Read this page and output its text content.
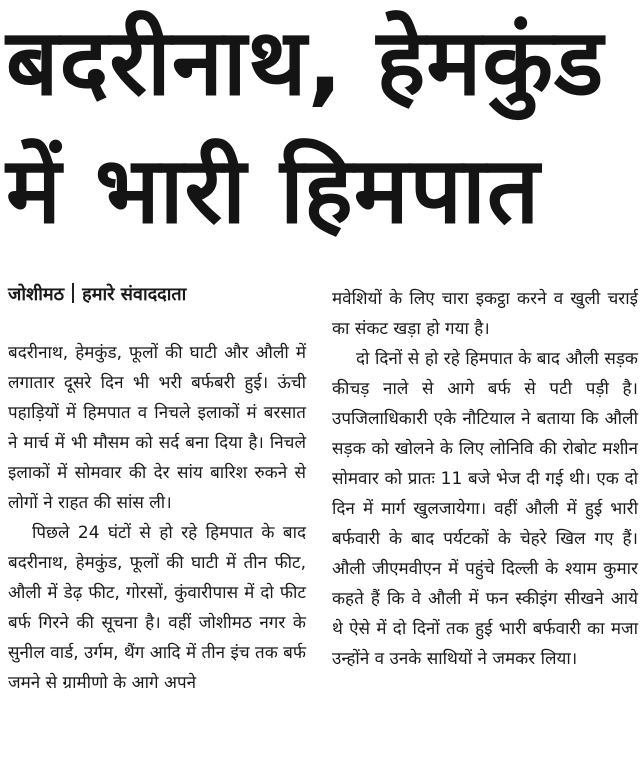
बदरीनाथ, हेमकुंड
में भारी हिमपात
जोशीमठ हमारे संवाददाता

बदरीनाथ, हेमकुंड, फूलों की घाटी और औली में लगातार दूसरे दिन भी भरी बर्फबरी हुई। ऊंची पहाड़ियों में हिमपात व निचले इलाकों मं बरसात ने मार्च में भी मौसम को सर्द बना दिया है। निचले इलाकों में सोमवार की देर सांय बारिश रुकने से लोगों ने राहत की सांस ली।

पिछले 24 घंटों से हो रहे हिमपात के बाद बदरीनाथ, हेमकुंड, फूलों की घाटी में तीन फीट, औली में डेढ़ फीट, गोरसों, कुंवारीपास में दो फीट बर्फ गिरने की सूचना है। वहीं जोशीमठ नगर के सुनील वार्ड, उर्गम, थैंग आदि में तीन इंच तक बर्फ जमने से ग्रामीणो के आगे अपने

मवेशियों के लिए चारा इकट्ठा करने व खुली चराई का संकट खड़ा हो गया है।

दो दिनों से हो रहे हिमपात के बाद औली सड़क कीचड़ नाले से आगे बर्फ से पटी पड़ी है। उपजिलाधिकारी एके नौटियाल ने बताया कि औली सड़क को खोलने के लिए लोनिवि की रोबोट मशीन सोमवार को प्रातः 11 बजे भेज दी गई थी। एक दो दिन में मार्ग खुलजायेगा। वहीं औली में हुई भारी बर्फवारी के बाद पर्यटकों के चेहरे खिल गए हैं। औली जीएमवीएन में पहुंचे दिल्ली के श्याम कुमार कहते हैं कि वे औली में फन स्कीइंग सीखने आये थे ऐसे में दो दिनों तक हुई भारी बर्फवारी का मजा उन्होंने व उनके साथियों ने जमकर लिया।
